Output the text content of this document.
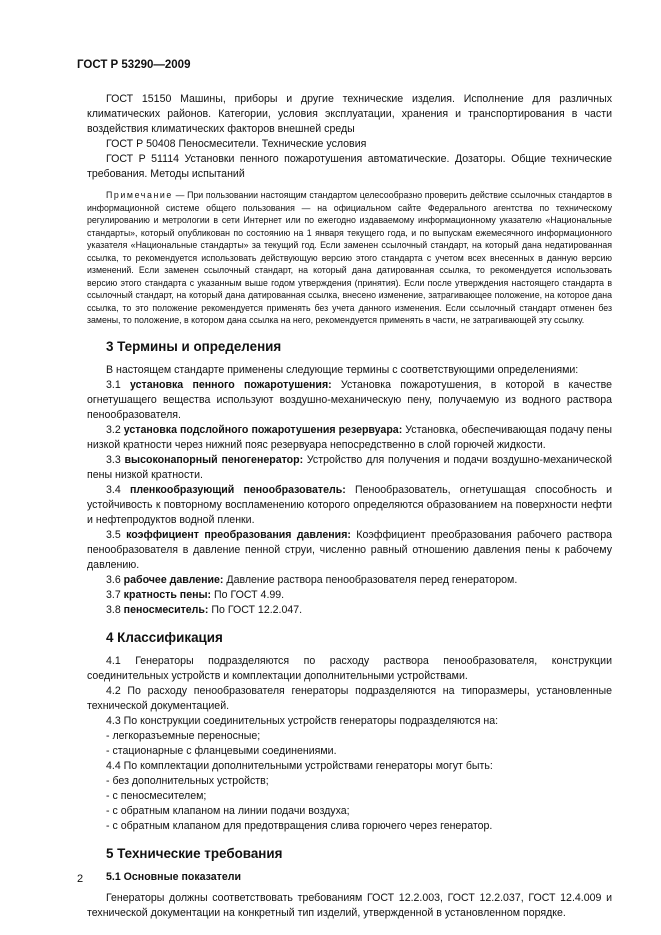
ГОСТ Р 53290—2009

ГОСТ 15150 Машины, приборы и другие технические изделия. Исполнение для различных климатических районов. Категории, условия эксплуатации, хранения и транспортирования в части воздействия климатических факторов внешней среды

ГОСТ Р 50408 Пеносмесители. Технические условия

ГОСТ Р 51114 Установки пенного пожаротушения автоматические. Дозаторы. Общие технические требования. Методы испытаний

Примечание — При пользовании настоящим стандартом целесообразно проверить действие ссылочных стандартов в информационной системе общего пользования — на официальном сайте Федерального агентства по техническому регулированию и метрологии в сети Интернет или по ежегодно издаваемому информационному указателю «Национальные стандарты», который опубликован по состоянию на 1 января текущего года, и по выпускам ежемесячного информационного указателя «Национальные стандарты» за текущий год. Если заменен ссылочный стандарт, на который дана недатированная ссылка, то рекомендуется использовать действующую версию этого стандарта с учетом всех внесенных в данную версию изменений. Если заменен ссылочный стандарт, на который дана датированная ссылка, то рекомендуется использовать версию этого стандарта с указанным выше годом утверждения (принятия). Если после утверждения настоящего стандарта в ссылочный стандарт, на который дана датированная ссылка, внесено изменение, затрагивающее положение, на которое дана ссылка, то это положение рекомендуется применять без учета данного изменения. Если ссылочный стандарт отменен без замены, то положение, в котором дана ссылка на него, рекомендуется применять в части, не затрагивающей эту ссылку.

3 Термины и определения

В настоящем стандарте применены следующие термины с соответствующими определениями:

3.1 установка пенного пожаротушения: Установка пожаротушения, в которой в качестве огнетушащего вещества используют воздушно-механическую пену, получаемую из водного раствора пенообразователя.

3.2 установка подслойного пожаротушения резервуара: Установка, обеспечивающая подачу пены низкой кратности через нижний пояс резервуара непосредственно в слой горючей жидкости.

3.3 высоконапорный пеногенератор: Устройство для получения и подачи воздушно-механической пены низкой кратности.

3.4 пленкообразующий пенообразователь: Пенообразователь, огнетушащая способность и устойчивость к повторному воспламенению которого определяются образованием на поверхности нефти и нефтепродуктов водной пленки.

3.5 коэффициент преобразования давления: Коэффициент преобразования рабочего раствора пенообразователя в давление пенной струи, численно равный отношению давления пены к рабочему давлению.

3.6 рабочее давление: Давление раствора пенообразователя перед генератором.

3.7 кратность пены: По ГОСТ 4.99.

3.8 пеносмеситель: По ГОСТ 12.2.047.

4 Классификация

4.1 Генераторы подразделяются по расходу раствора пенообразователя, конструкции соединительных устройств и комплектации дополнительными устройствами.

4.2 По расходу пенообразователя генераторы подразделяются на типоразмеры, установленные технической документацией.

4.3 По конструкции соединительных устройств генераторы подразделяются на:

- легкоразъемные переносные;

- стационарные с фланцевыми соединениями.

4.4 По комплектации дополнительными устройствами генераторы могут быть:

- без дополнительных устройств;

- с пеносмесителем;

- с обратным клапаном на линии подачи воздуха;

- с обратным клапаном для предотвращения слива горючего через генератор.

5 Технические требования
5.1 Основные показатели

Генераторы должны соответствовать требованиям ГОСТ 12.2.003, ГОСТ 12.2.037, ГОСТ 12.4.009 и технической документации на конкретный тип изделий, утвержденной в установленном порядке.

2
